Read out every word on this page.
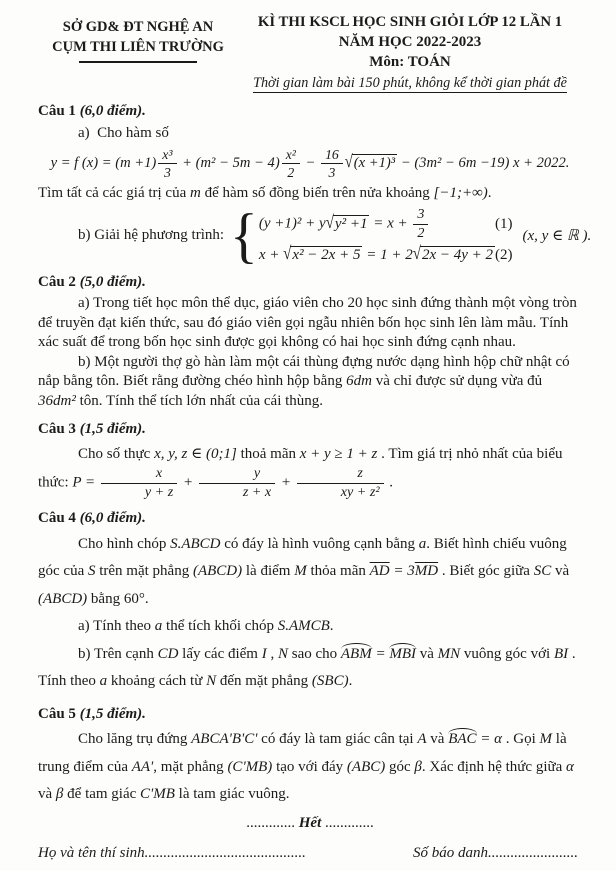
SỞ GD& ĐT NGHỆ AN
CỤM THI LIÊN TRƯỜNG
KÌ THI KSCL HỌC SINH GIỎI LỚP 12 LẦN 1
NĂM HỌC 2022-2023
Môn: TOÁN
Thời gian làm bài 150 phút, không kể thời gian phát đề

Câu 1 (6,0 điểm).

a)  Cho hàm số

y = f $(x) = (m +1) \frac{\text{x³}}{3} + (m^2 - 5m - 4) \frac{\text{x²}}{2} - \frac{16}{3} √(x +1)^3 - (3m^2 - 6m -19) x + 2022$.

Tìm tất cả các giá trị của m để hàm số đồng biến trên nửa khoảng [−1;+∞).

b) Giải hệ phương trình: { $(y +1)^2 + y√y^2 +1 = x + \frac{3}{2}$	(1)
x + √x² − 2x + 5 = 1 + 2√2x − 4y + 2 (2)
(x, y ∈ ℝ ).

Câu 2 (5,0 điểm).

a) Trong tiết học môn thể dục, giáo viên cho 20 học sinh đứng thành một vòng tròn để truyền đạt kiến thức, sau đó giáo viên gọi ngẫu nhiên bốn học sinh lên làm mẫu. Tính xác suất để trong bốn học sinh được gọi không có hai học sinh đứng cạnh nhau.

b) Một người thợ gò hàn làm một cái thùng đựng nước dạng hình hộp chữ nhật có nắp bằng tôn. Biết rằng đường chéo hình hộp bằng 6dm và chỉ được sử dụng vừa đủ 36dm² tôn. Tính thể tích lớn nhất của cái thùng.

Câu 3 (1,5 điểm).

Cho số thực x, y, z ∈ (0;1] thoả mãn x + y ≥ 1 + z . Tìm giá trị nhỏ nhất của biểu thức: $P = \frac{x}{y + z} + \frac{y}{z + x} + \frac{z}{\text{xy + z²}}$ .

Câu 4 (6,0 điểm).

Cho hình chóp S.ABCD có đáy là hình vuông cạnh bằng a. Biết hình chiếu vuông góc của S trên mặt phẳng (ABCD) là điểm M thỏa mãn $\overline{AD} = 3\overline{MD}$ . Biết góc giữa SC và (ABCD) bằng 60°.

a) Tính theo a thể tích khối chóp S.AMCB.

b) Trên cạnh CD lấy các điểm I , N sao cho ABM = MBI và MN vuông góc với BI . Tính theo a khoảng cách từ N đến mặt phẳng (SBC).

Câu 5 (1,5 điểm).

Cho lăng trụ đứng ABCA'B'C' có đáy là tam giác cân tại A và BAC = α . Gọi M là trung điểm của AA', mặt phẳng (C'MB) tạo với đáy (ABC) góc β. Xác định hệ thức giữa α và β để tam giác C'MB là tam giác vuông.

............. Hết .............

Họ và tên thí sinh...........................................	Số báo danh........................
